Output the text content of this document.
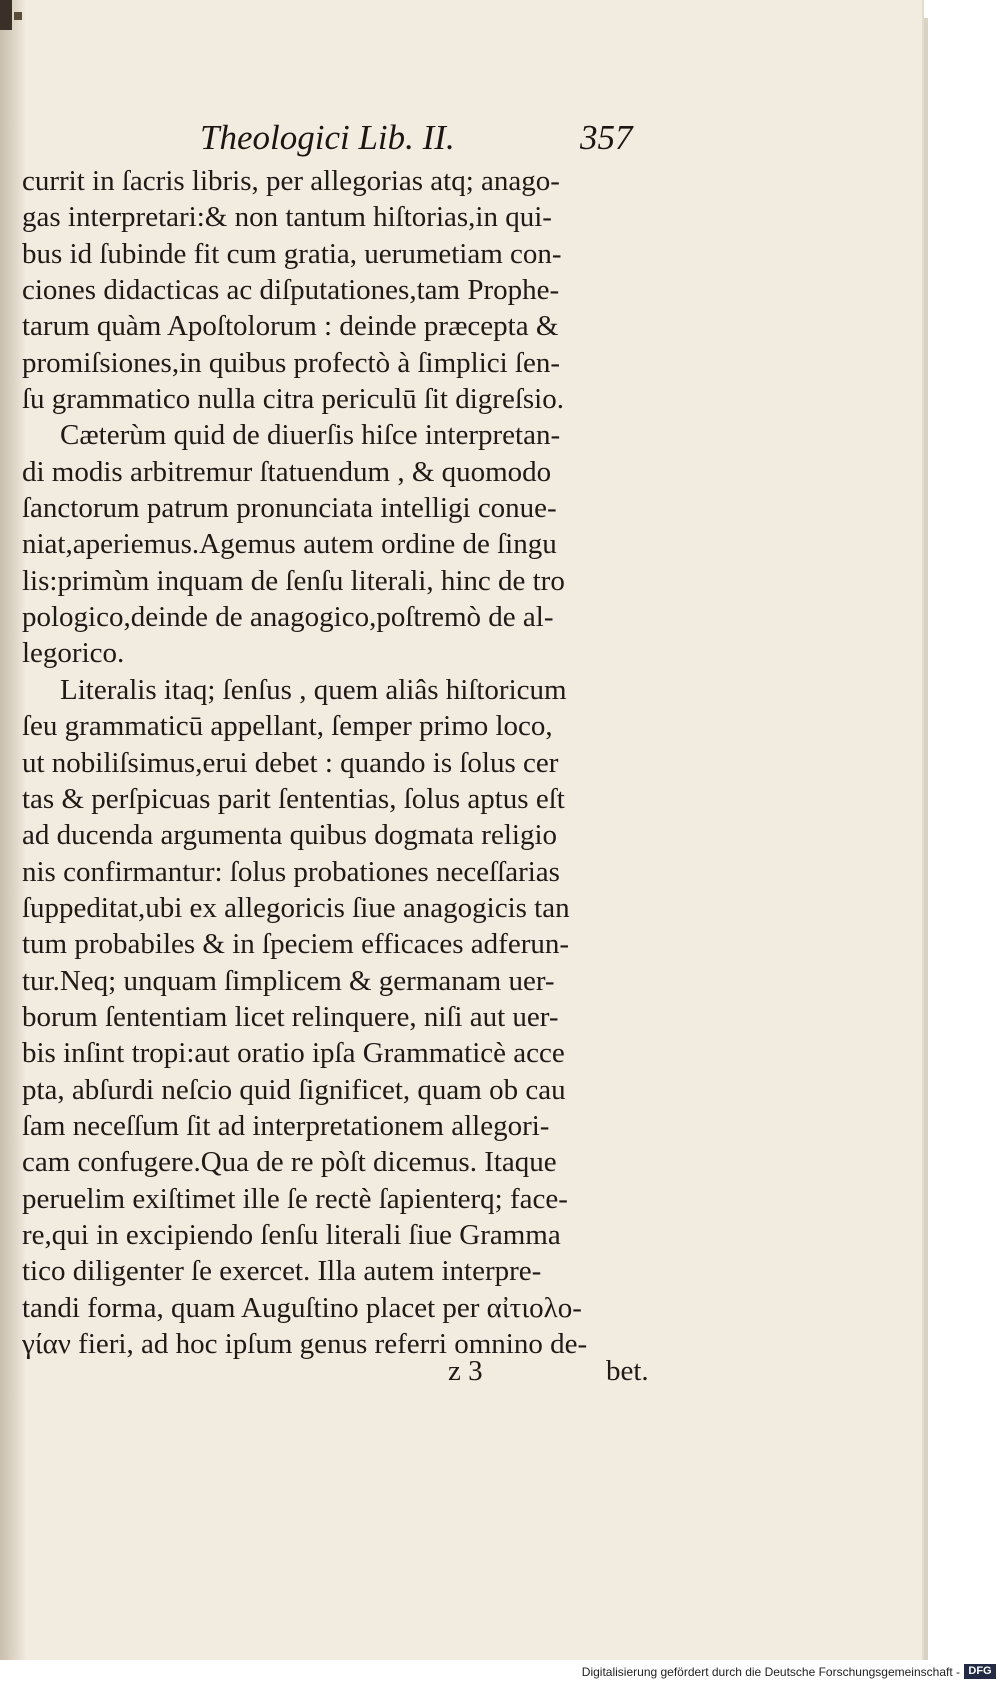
Theologici Lib. II.	357
currit in ſacris libris, per allegorias atq; anago-
gas interpretari:& non tantum hiſtorias,in qui-
bus id ſubinde fit cum gratia, uerumetiam con-
ciones didacticas ac diſputationes,tam Prophe-
tarum quàm Apoſtolorum : deinde præcepta &
promiſsiones,in quibus profectò à ſimplici ſen-
ſu grammatico nulla citra periculū ſit digreſsio.
Cæterùm quid de diuerſis hiſce interpretan-
di modis arbitremur ſtatuendum , & quomodo
ſanctorum patrum pronunciata intelligi conue-
niat,aperiemus.Agemus autem ordine de ſingu
lis:primùm inquam de ſenſu literali, hinc de tro
pologico,deinde de anagogico,poſtremò de al-
legorico.
Literalis itaq; ſenſus , quem aliâs hiſtoricum
ſeu grammaticū appellant, ſemper primo loco,
ut nobiliſsimus,erui debet : quando is ſolus cer
tas & perſpicuas parit ſententias, ſolus aptus eſt
ad ducenda argumenta quibus dogmata religio
nis confirmantur: ſolus probationes neceſſarias
ſuppeditat,ubi ex allegoricis ſiue anagogicis tan
tum probabiles & in ſpeciem efficaces adferun-
tur.Neq; unquam ſimplicem & germanam uer-
borum ſententiam licet relinquere, niſi aut uer-
bis inſint tropi:aut oratio ipſa Grammaticè acce
pta, abſurdi neſcio quid ſignificet, quam ob cau
ſam neceſſum ſit ad interpretationem allegori-
cam confugere.Qua de re pòſt dicemus. Itaque
peruelim exiſtimet ille ſe rectè ſapienterq; face-
re,qui in excipiendo ſenſu literali ſiue Gramma
tico diligenter ſe exercet. Illa autem interpre-
tandi forma, quam Auguſtino placet per αἰτιολο-
γίαν fieri, ad hoc ipſum genus referri omnino de-
z 3	bet.
Digitalisierung gefördert durch die Deutsche Forschungsgemeinschaft - DFG
